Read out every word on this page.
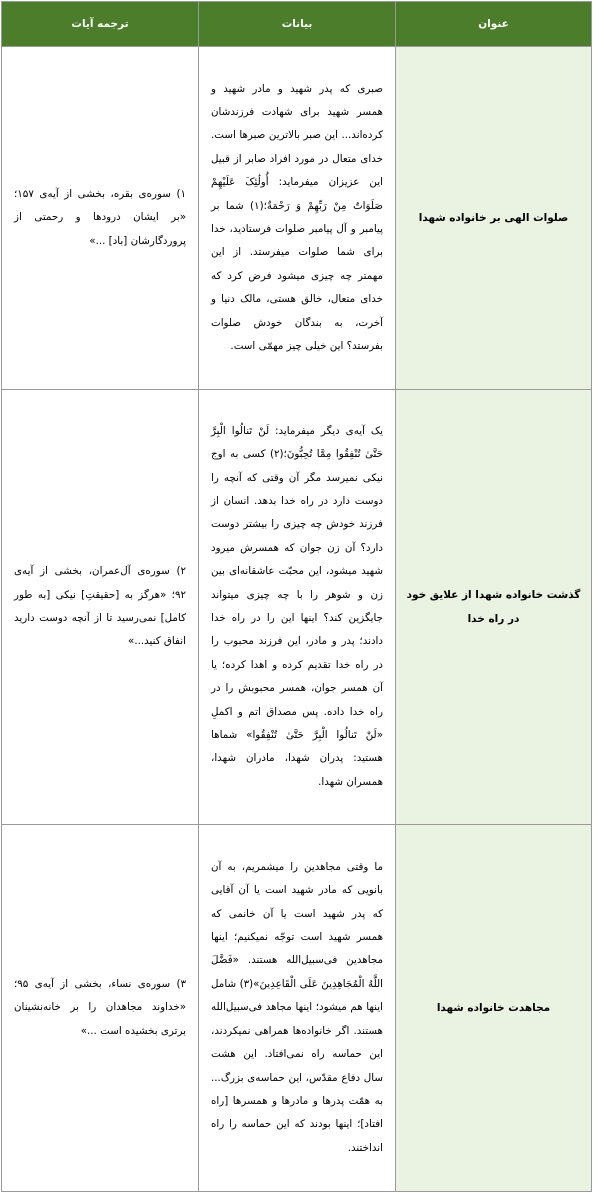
عنوان	بیانات	ترجمه آیات
صلوات الهی بر خانواده شهدا	صبری که پدر شهید و مادر شهید و همسر شهید برای شهادت فرزندشان کرده‌اند... این صبر بالاترین صبرها است. خدای متعال در مورد افراد صابر از قبیل این عزیزان میفرماید: أُولَٰئِکَ عَلَیْهِمْ صَلَوَاتٌ مِنْ رَبِّهِمْ وَ رَحْمَةٌ؛(۱) شما بر پیامبر و آل پیامبر صلوات فرستادید، خدا برای شما صلوات میفرستد. از این مهمتر چه چیزی میشود فرض کرد که خدای متعال، خالق هستی، مالک دنیا و آخرت، به بندگان خودش صلوات بفرستد؟ این خیلی چیز مهمّی است.	۱) سوره‌ی بقره، بخشی از آیه‌ی ۱۵۷؛ «بر ایشان درودها و رحمتی از پروردگارشان [باد] ...»
گذشت خانواده شهدا از علایق خود در راه خدا	یک آیه‌ی دیگر میفرماید: لَنْ تَنالُوا الْبِرَّ حَتَّىٰ تُنْفِقُوا مِمَّا تُحِبُّونَ؛(۲) کسی به اوج نیکی نمیرسد مگر آن وقتی که آنچه را دوست دارد در راه خدا بدهد. انسان از فرزند خودش چه چیزی را بیشتر دوست دارد؟ آن زن جوان که همسرش میرود شهید میشود، این محبّت عاشقانه‌ای بین زن و شوهر را با چه چیزی میتواند جایگزین کند؟ اینها این را در راه خدا دادند؛ پدر و مادر، این فرزند محبوب را در راه خدا تقدیم کرده و اهدا کرده؛ یا آن همسر جوان، همسر محبوبش را در راه خدا داده. پس مصداق اتم و اکملِ «لَنْ تَنالُوا الْبِرَّ حَتَّىٰ تُنْفِقُوا» شماها هستید: پدران شهدا، مادران شهدا، همسران شهدا.	۲) سوره‌ی آل‌عمران، بخشی از آیه‌ی ۹۲؛ «هرگز به [حقیقتِ] نیکی [به طور کامل] نمی‌رسید تا از آنچه دوست دارید انفاق کنید...»
مجاهدت خانواده شهدا	ما وقتی مجاهدین را میشمریم، به آن بانویی که مادر شهید است یا آن آقایی که پدر شهید است یا آن خانمی که همسر شهید است توجّه نمیکنیم؛ اینها مجاهدین فی‌سبیل‌الله هستند. «فَضَّلَ اللَّهُ الْمُجَاهِدِينَ عَلَى الْقَاعِدِينَ»(۳) شامل اینها هم میشود؛ اینها مجاهد فی‌سبیل‌الله هستند. اگر خانواده‌ها همراهی نمیکردند، این حماسه راه نمی‌افتاد. این هشت سال دفاع مقدّس، این حماسه‌ی بزرگ... به همّت پدرها و مادرها و همسرها [راه افتاد]؛ اینها بودند که این حماسه را راه انداختند.	۳) سوره‌ی نساء، بخشی از آیه‌ی ۹۵؛ «خداوند مجاهدان را بر خانه‌نشینان برتری بخشیده است ...»
